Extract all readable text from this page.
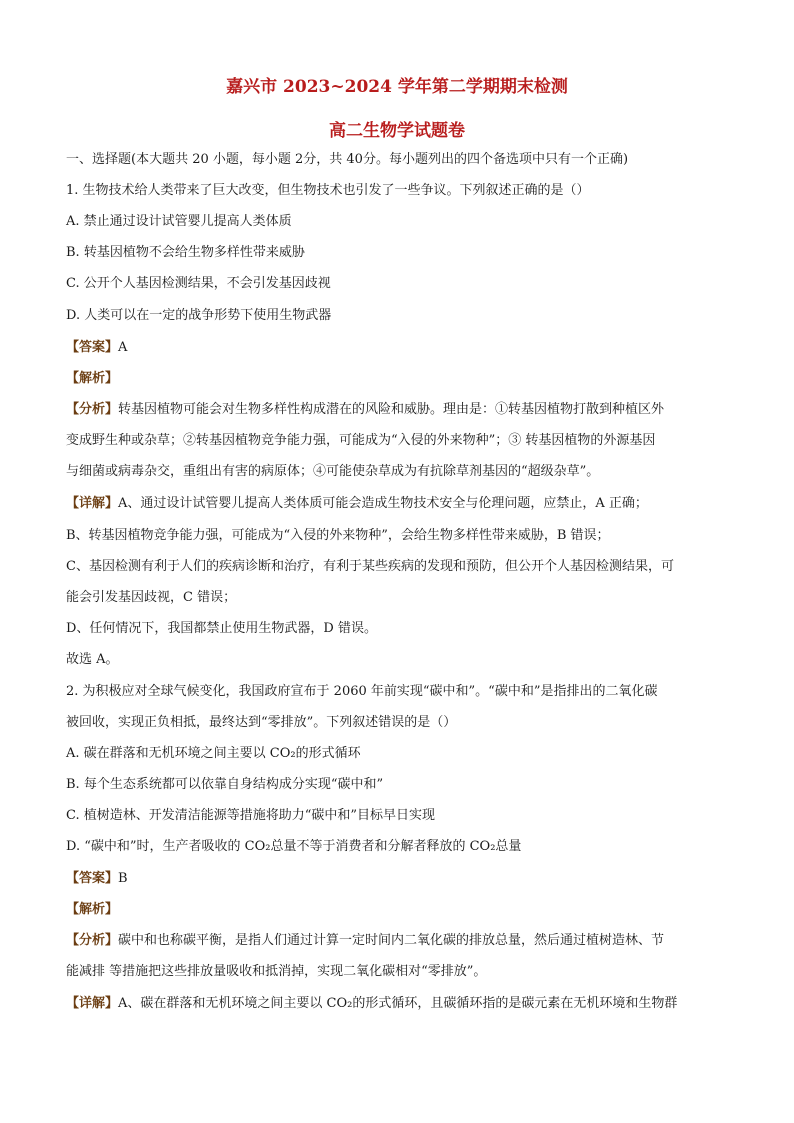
嘉兴市 2023~2024 学年第二学期期末检测
高二生物学试题卷
一、选择题(本大题共 20 小题，每小题 2分，共 40分。每小题列出的四个备选项中只有一个正确)
1. 生物技术给人类带来了巨大改变，但生物技术也引发了一些争议。下列叙述正确的是（）
A. 禁止通过设计试管婴儿提高人类体质
B. 转基因植物不会给生物多样性带来威胁
C. 公开个人基因检测结果，不会引发基因歧视
D. 人类可以在一定的战争形势下使用生物武器
【答案】A
【解析】
【分析】转基因植物可能会对生物多样性构成潜在的风险和威胁。理由是：①转基因植物打散到种植区外
变成野生种或杂草；②转基因植物竞争能力强，可能成为“入侵的外来物种”；③ 转基因植物的外源基因
与细菌或病毒杂交，重组出有害的病原体；④可能使杂草成为有抗除草剂基因的“超级杂草”。
【详解】A、通过设计试管婴儿提高人类体质可能会造成生物技术安全与伦理问题，应禁止，A 正确；
B、转基因植物竞争能力强，可能成为“入侵的外来物种”，会给生物多样性带来威胁，B 错误；
C、基因检测有利于人们的疾病诊断和治疗，有利于某些疾病的发现和预防，但公开个人基因检测结果，可
能会引发基因歧视，C 错误；
D、任何情况下，我国都禁止使用生物武器，D 错误。
故选 A。
2. 为积极应对全球气候变化，我国政府宣布于 2060 年前实现“碳中和”。“碳中和”是指排出的二氧化碳
被回收，实现正负相抵，最终达到“零排放”。下列叙述错误的是（）
A. 碳在群落和无机环境之间主要以 CO₂的形式循环
B. 每个生态系统都可以依靠自身结构成分实现“碳中和”
C. 植树造林、开发清洁能源等措施将助力“碳中和”目标早日实现
D. “碳中和”时，生产者吸收的 CO₂总量不等于消费者和分解者释放的 CO₂总量
【答案】B
【解析】
【分析】碳中和也称碳平衡，是指人们通过计算一定时间内二氧化碳的排放总量，然后通过植树造林、节
能减排 等措施把这些排放量吸收和抵消掉，实现二氧化碳相对“零排放”。
【详解】A、碳在群落和无机环境之间主要以 CO₂的形式循环，且碳循环指的是碳元素在无机环境和生物群
